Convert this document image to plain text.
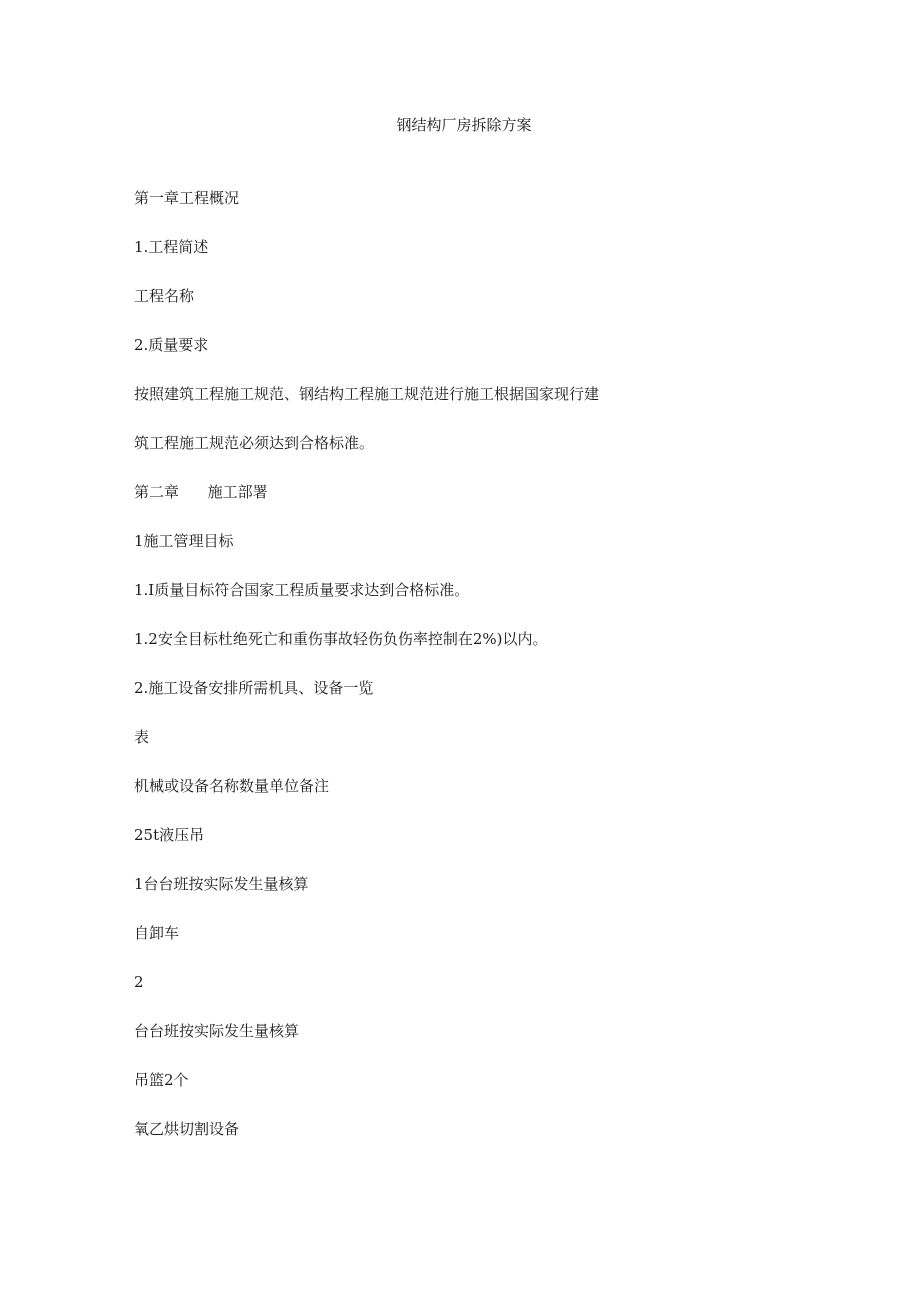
钢结构厂房拆除方案

第一章工程概况

1.工程简述

工程名称

2.质量要求

按照建筑工程施工规范、钢结构工程施工规范进行施工根据国家现行建

筑工程施工规范必须达到合格标准。

第二章      施工部署

1施工管理目标

1.I质量目标符合国家工程质量要求达到合格标准。

1.2安全目标杜绝死亡和重伤事故轻伤负伤率控制在2%)以内。

2.施工设备安排所需机具、设备一览

表

机械或设备名称数量单位备注

25t液压吊

1台台班按实际发生量核算

自卸车

2

台台班按实际发生量核算

吊篮2个

氧乙烘切割设备
